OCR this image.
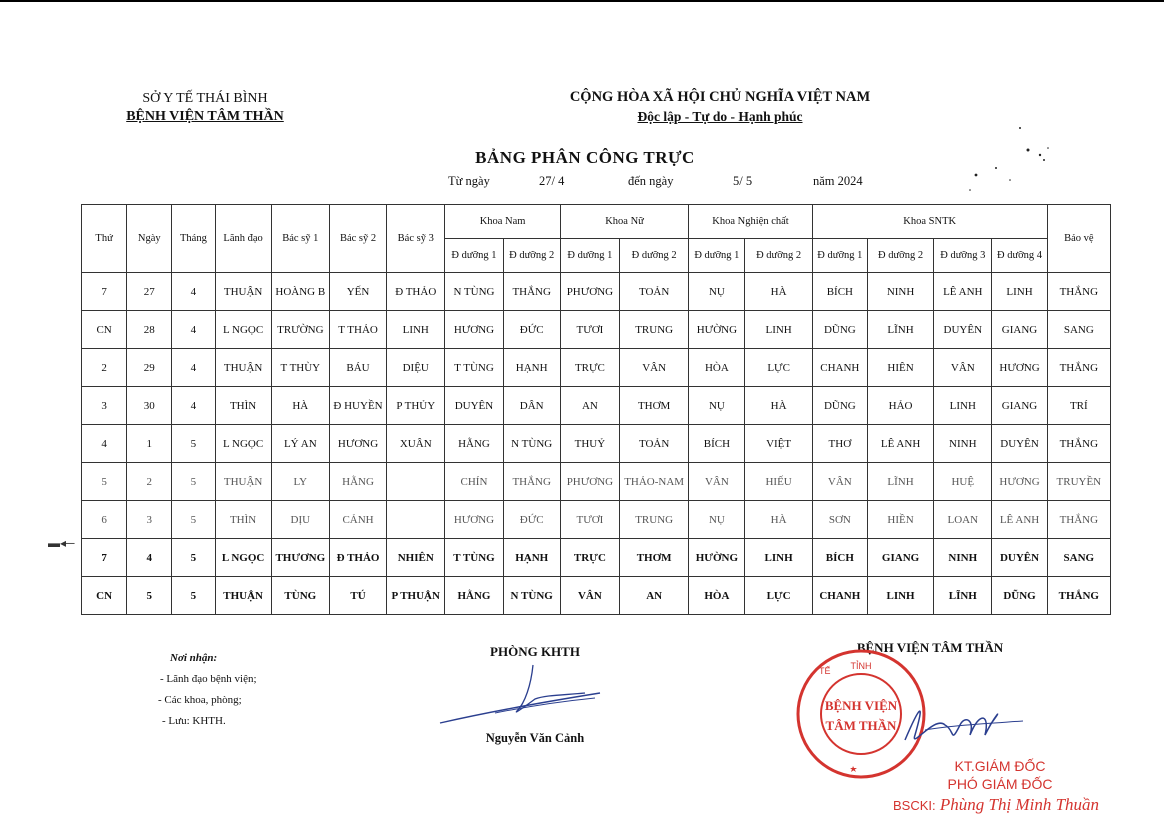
SỞ Y TẾ THÁI BÌNH
BỆNH VIỆN TÂM THẦN
CỘNG HÒA XÃ HỘI CHỦ NGHĨA VIỆT NAM
Độc lập - Tự do - Hạnh phúc
BẢNG PHÂN CÔNG TRỰC
Từ ngày	27/ 4	đến ngày	5/ 5	năm 2024
Thứ	Ngày	Tháng	Lãnh đạo	Bác sỹ 1	Bác sỹ 2	Bác sỹ 3	Khoa Nam		Khoa Nữ		Khoa Nghiện chất		Khoa SNTK				Bảo vệ
							Đ dưỡng 1	Đ dưỡng 2	Đ dưỡng 1	Đ dưỡng 2	Đ dưỡng 1	Đ dưỡng 2	Đ dưỡng 1	Đ dưỡng 2	Đ dưỡng 3	Đ dưỡng 4	
7	27	4	THUẬN	HOÀNG B	YẾN	Đ THẢO	N TÙNG	THẮNG	PHƯƠNG	TOẢN	NỤ	HÀ	BÍCH	NINH	LÊ ANH	LINH	THẮNG
CN	28	4	L NGỌC	TRƯỜNG	T THẢO	LINH	HƯƠNG	ĐỨC	TƯƠI	TRUNG	HƯỜNG	LINH	DŨNG	LĨNH	DUYÊN	GIANG	SANG
2	29	4	THUẬN	T THÙY	BÁU	DIỆU	T TÙNG	HẠNH	TRỰC	VÂN	HÒA	LỰC	CHANH	HIÊN	VÂN	HƯƠNG	THẮNG
3	30	4	THÌN	HÀ	Đ HUYỀN	P THỦY	DUYÊN	DÂN	AN	THƠM	NỤ	HÀ	DŨNG	HẢO	LINH	GIANG	TRÍ
4	1	5	L NGỌC	LÝ AN	HƯƠNG	XUÂN	HẰNG	N TÙNG	THUỶ	TOẢN	BÍCH	VIỆT	THƠ	LÊ ANH	NINH	DUYÊN	THẮNG
5	2	5	THUẬN	LY	HẰNG		CHÍN	THẮNG	PHƯƠNG	THẢO-NAM	VÂN	HIẾU	VÂN	LĨNH	HUỆ	HƯƠNG	TRUYỀN
6	3	5	THÌN	DỊU	CẢNH		HƯƠNG	ĐỨC	TƯƠI	TRUNG	NỤ	HÀ	SƠN	HIỀN	LOAN	LÊ ANH	THẮNG
7	4	5	L NGỌC	THƯƠNG	Đ THẢO	NHIÊN	T TÙNG	HẠNH	TRỰC	THƠM	HƯỜNG	LINH	BÍCH	GIANG	NINH	DUYÊN	SANG
CN	5	5	THUẬN	TÙNG	TÚ	P THUẬN	HẰNG	N TÙNG	VÂN	AN	HÒA	LỰC	CHANH	LINH	LĨNH	DŨNG	THẮNG
▬◂─
Nơi nhận:
- Lãnh đạo bệnh viện;
- Các khoa, phòng;
- Lưu: KHTH.
PHÒNG KHTH
Nguyễn Văn Cảnh
BỆNH VIỆN TÂM THẦN
TỈNH
TẾ
BỆNH VIỆN
TÂM THẦN
KT.GIÁM ĐỐC
PHÓ GIÁM ĐỐC
BSCKI: Phùng Thị Minh Thuần
